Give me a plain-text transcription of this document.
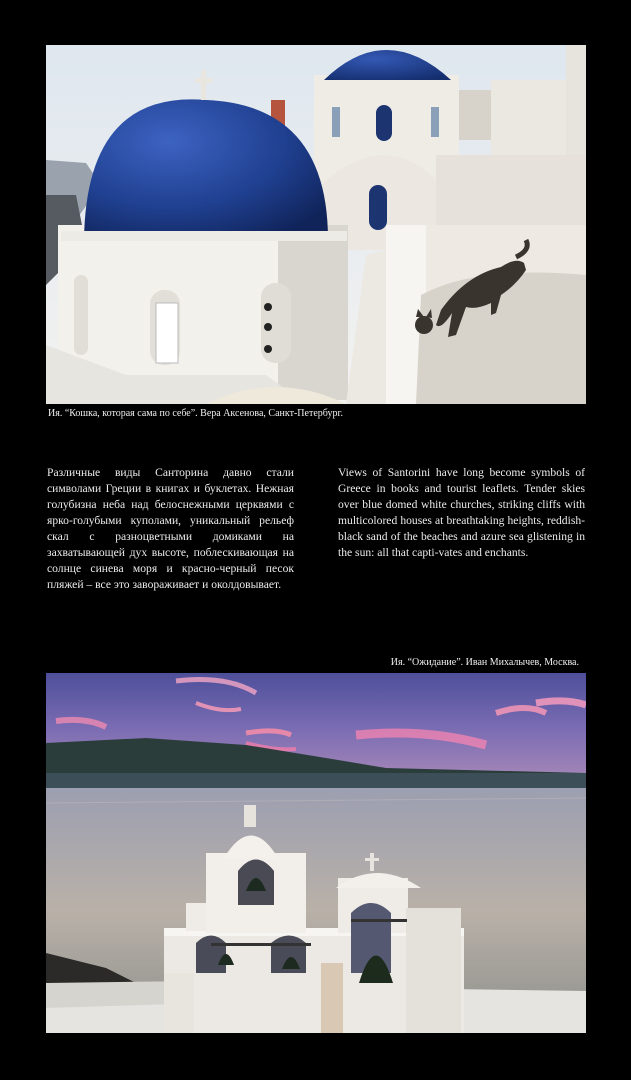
Ия. “Кошка, которая сама по себе”. Вера Аксенова, Санкт-Петербург.
Различные виды Санторина давно стали символами Греции в книгах и буклетах. Нежная голубизна неба над белоснежными церквями с ярко-голубыми куполами, уникальный рельеф скал с разноцветными домиками на захватывающей дух высоте, поблескивающая на солнце синева моря и красно-черный песок пляжей – все это завораживает и околдовывает.
Views of Santorini have long become symbols of Greece in books and tourist leaflets. Tender skies over blue domed white churches, striking cliffs with multicolored houses at breathtaking heights, reddish-black sand of the beaches and azure sea glistening in the sun: all that capti-vates and enchants.
Ия. “Ожидание”. Иван Михалычев, Москва.
